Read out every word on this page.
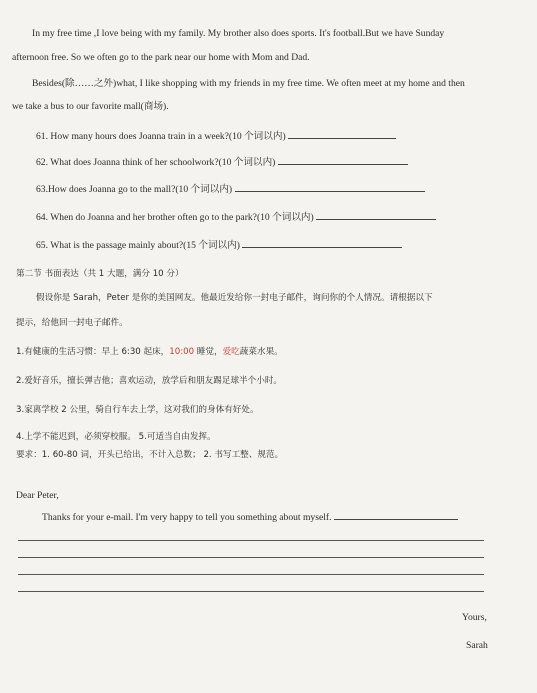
In my free time ,I love being with my family. My brother also does sports. It's football.But we have Sunday
afternoon free. So we often go to the park near our home with Mom and Dad.
Besides(除……之外)what, I like shopping with my friends in my free time. We often meet at my home and then
we take a bus to our favorite mall(商场).
61. How many hours does Joanna train in a week?(10 个词以内)
62. What does Joanna think of her schoolwork?(10 个词以内)
63.How does Joanna go to the mall?(10 个词以内)
64. When do Joanna and her brother often go to the park?(10 个词以内)
65. What is the passage mainly about?(15 个词以内)
第二节 书面表达（共 1 大题，满分 10 分）
假设你是 Sarah，Peter 是你的美国网友。他最近发给你一封电子邮件，询问你的个人情况。请根据以下
提示，给他回一封电子邮件。
1.有健康的生活习惯：早上 6:30 起床，10:00 睡觉，爱吃蔬菜水果。
2.爱好音乐，擅长弹吉他；喜欢运动，放学后和朋友踢足球半个小时。
3.家离学校 2 公里，骑自行车去上学，这对我们的身体有好处。
4.上学不能迟到，必须穿校服。 5.可适当自由发挥。
要求：1. 60-80 词，开头已给出，不计入总数； 2. 书写工整、规范。
Dear Peter,
Thanks for your e-mail. I'm very happy to tell you something about myself.
Yours,
Sarah
